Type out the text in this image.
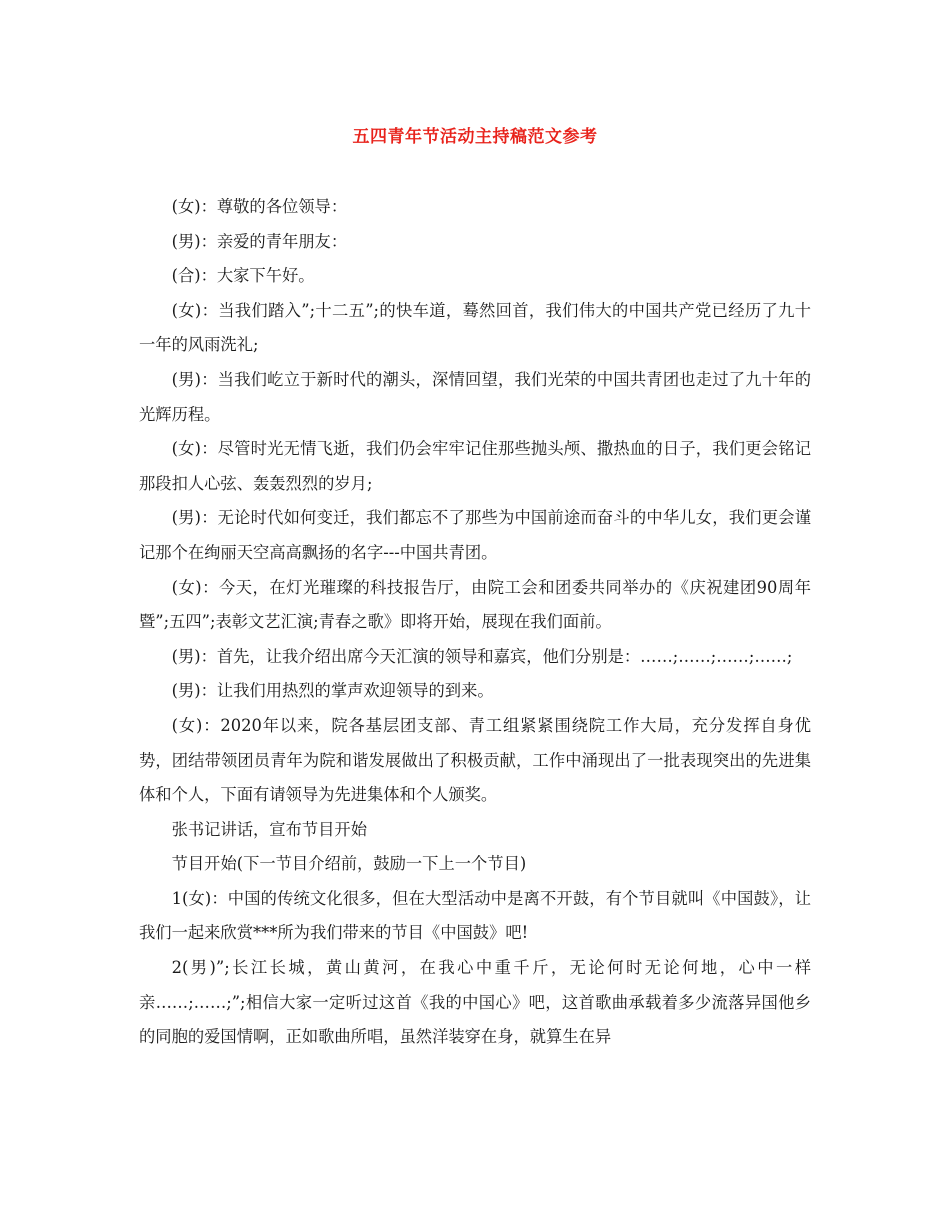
五四青年节活动主持稿范文参考

(女)：尊敬的各位领导：

(男)：亲爱的青年朋友：

(合)：大家下午好。

(女)：当我们踏入”;十二五”;的快车道，蓦然回首，我们伟大的中国共产党已经历了九十一年的风雨洗礼;

(男)：当我们屹立于新时代的潮头，深情回望，我们光荣的中国共青团也走过了九十年的光辉历程。

(女)：尽管时光无情飞逝，我们仍会牢牢记住那些抛头颅、撒热血的日子，我们更会铭记那段扣人心弦、轰轰烈烈的岁月;

(男)：无论时代如何变迁，我们都忘不了那些为中国前途而奋斗的中华儿女，我们更会谨记那个在绚丽天空高高飘扬的名字---中国共青团。

(女)：今天，在灯光璀璨的科技报告厅，由院工会和团委共同举办的《庆祝建团90周年暨”;五四”;表彰文艺汇演;青春之歌》即将开始，展现在我们面前。

(男)：首先，让我介绍出席今天汇演的领导和嘉宾，他们分别是：……;……;……;……;

(男)：让我们用热烈的掌声欢迎领导的到来。

(女)：2020年以来，院各基层团支部、青工组紧紧围绕院工作大局，充分发挥自身优势，团结带领团员青年为院和谐发展做出了积极贡献，工作中涌现出了一批表现突出的先进集体和个人，下面有请领导为先进集体和个人颁奖。

张书记讲话，宣布节目开始

节目开始(下一节目介绍前，鼓励一下上一个节目)

1(女)：中国的传统文化很多，但在大型活动中是离不开鼓，有个节目就叫《中国鼓》，让我们一起来欣赏***所为我们带来的节目《中国鼓》吧!

2(男)”;长江长城，黄山黄河，在我心中重千斤，无论何时无论何地，心中一样亲……;……;”;相信大家一定听过这首《我的中国心》吧，这首歌曲承载着多少流落异国他乡的同胞的爱国情啊，正如歌曲所唱，虽然洋装穿在身，就算生在异
